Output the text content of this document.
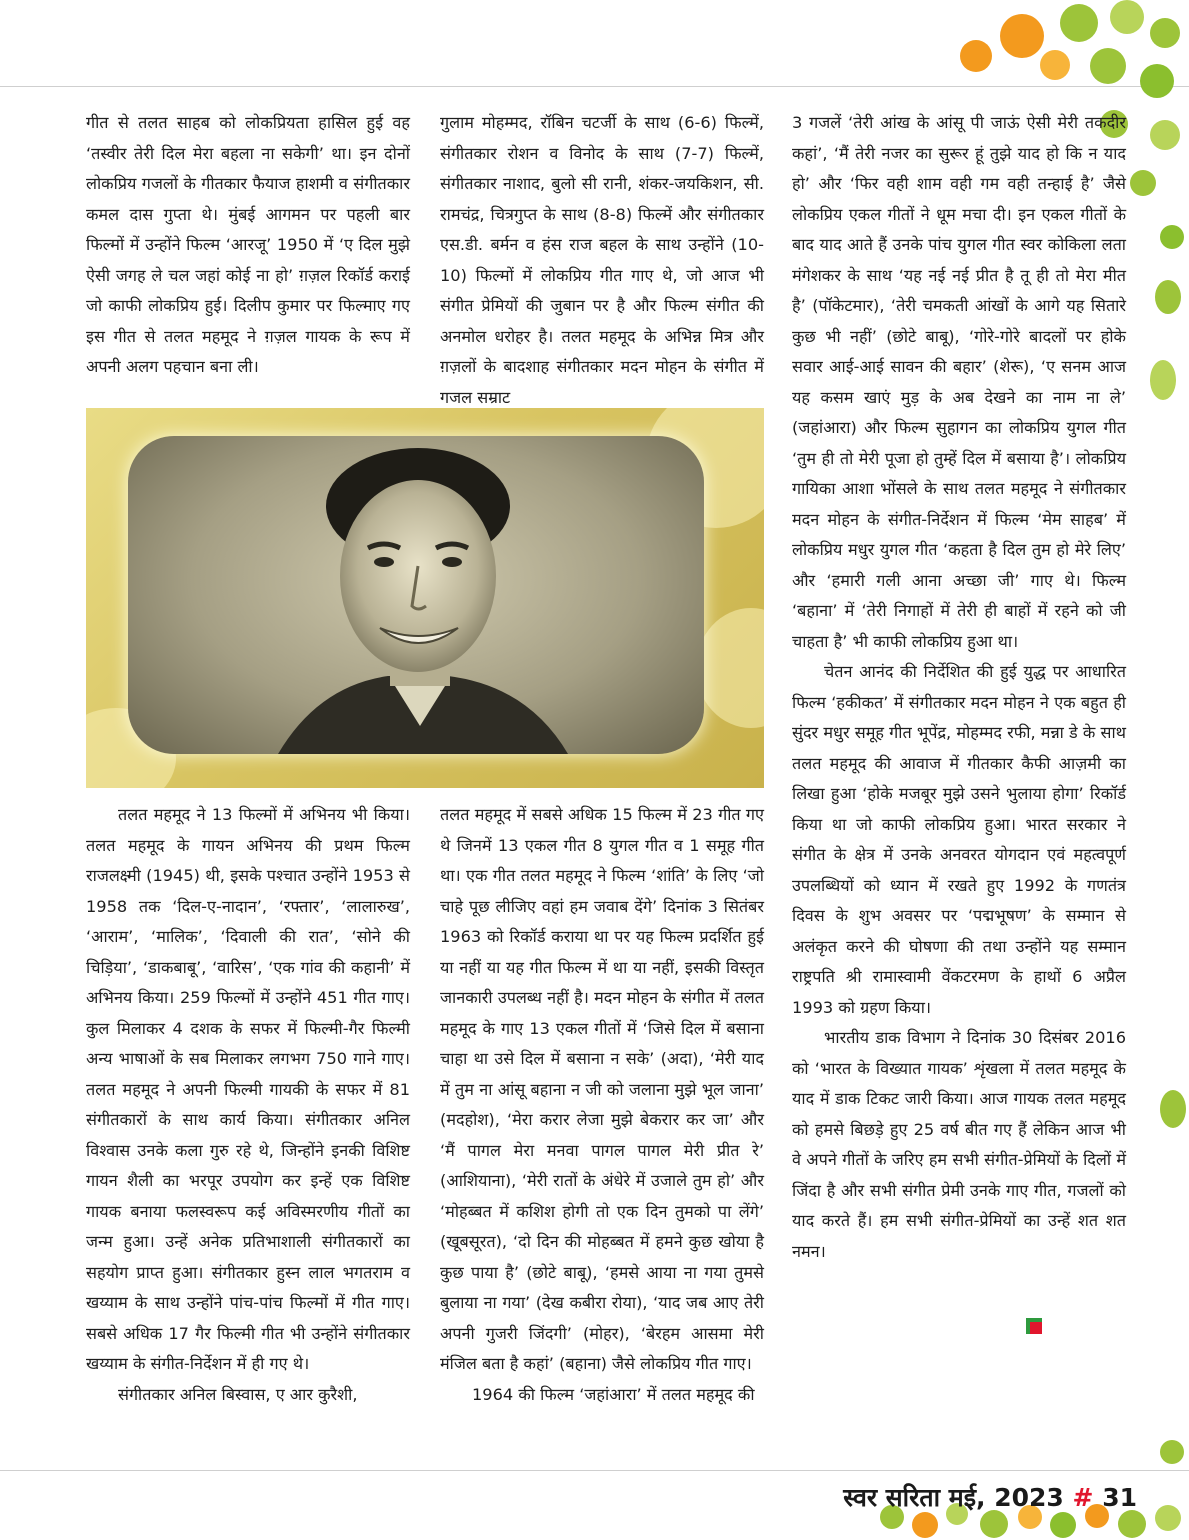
गीत से तलत साहब को लोकप्रियता हासिल हुई वह ‘तस्वीर तेरी दिल मेरा बहला ना सकेगी’ था। इन दोनों लोकप्रिय गजलों के गीतकार फैयाज हाशमी व संगीतकार कमल दास गुप्ता थे। मुंबई आगमन पर पहली बार फिल्मों में उन्होंने फिल्म ‘आरजू’ 1950 में ‘ए दिल मुझे ऐसी जगह ले चल जहां कोई ना हो’ ग़ज़ल रिकॉर्ड कराई जो काफी लोकप्रिय हुई। दिलीप कुमार पर फिल्माए गए इस गीत से तलत महमूद ने ग़ज़ल गायक के रूप में अपनी अलग पहचान बना ली।

गुलाम मोहम्मद, रॉबिन चटर्जी के साथ (6-6) फिल्में, संगीतकार रोशन व विनोद के साथ (7-7) फिल्में, संगीतकार नाशाद, बुलो सी रानी, शंकर-जयकिशन, सी. रामचंद्र, चित्रगुप्त के साथ (8-8) फिल्में और संगीतकार एस.डी. बर्मन व हंस राज बहल के साथ उन्होंने (10-10) फिल्मों में लोकप्रिय गीत गाए थे, जो आज भी संगीत प्रेमियों की जुबान पर है और फिल्म संगीत की अनमोल धरोहर है। तलत महमूद के अभिन्न मित्र और ग़ज़लों के बादशाह संगीतकार मदन मोहन के संगीत में गजल सम्राट

तलत महमूद ने 13 फिल्मों में अभिनय भी किया। तलत महमूद के गायन अभिनय की प्रथम फिल्म राजलक्ष्मी (1945) थी, इसके पश्चात उन्होंने 1953 से 1958 तक ‘दिल-ए-नादान’, ‘रफ्तार’, ‘लालारुख’, ‘आराम’, ‘मालिक’, ‘दिवाली की रात’, ‘सोने की चिड़िया’, ‘डाकबाबू’, ‘वारिस’, ‘एक गांव की कहानी’ में अभिनय किया। 259 फिल्मों में उन्होंने 451 गीत गाए। कुल मिलाकर 4 दशक के सफर में फिल्मी-गैर फिल्मी अन्य भाषाओं के सब मिलाकर लगभग 750 गाने गाए। तलत महमूद ने अपनी फिल्मी गायकी के सफर में 81 संगीतकारों के साथ कार्य किया। संगीतकार अनिल विश्वास उनके कला गुरु रहे थे, जिन्होंने इनकी विशिष्ट गायन शैली का भरपूर उपयोग कर इन्हें एक विशिष्ट गायक बनाया फलस्वरूप कई अविस्मरणीय गीतों का जन्म हुआ। उन्हें अनेक प्रतिभाशाली संगीतकारों का सहयोग प्राप्त हुआ। संगीतकार हुस्न लाल भगतराम व खय्याम के साथ उन्होंने पांच-पांच फिल्मों में गीत गाए। सबसे अधिक 17 गैर फिल्मी गीत भी उन्होंने संगीतकार खय्याम के संगीत-निर्देशन में ही गए थे।

संगीतकार अनिल बिस्वास, ए आर कुरैशी,

तलत महमूद में सबसे अधिक 15 फिल्म में 23 गीत गए थे जिनमें 13 एकल गीत 8 युगल गीत व 1 समूह गीत था। एक गीत तलत महमूद ने फिल्म ‘शांति’ के लिए ‘जो चाहे पूछ लीजिए वहां हम जवाब देंगे’ दिनांक 3 सितंबर 1963 को रिकॉर्ड कराया था पर यह फिल्म प्रदर्शित हुई या नहीं या यह गीत फिल्म में था या नहीं, इसकी विस्तृत जानकारी उपलब्ध नहीं है। मदन मोहन के संगीत में तलत महमूद के गाए 13 एकल गीतों में ‘जिसे दिल में बसाना चाहा था उसे दिल में बसाना न सके’ (अदा), ‘मेरी याद में तुम ना आंसू बहाना न जी को जलाना मुझे भूल जाना’ (मदहोश), ‘मेरा करार लेजा मुझे बेकरार कर जा’ और ‘मैं पागल मेरा मनवा पागल पागल मेरी प्रीत रे’ (आशियाना), ‘मेरी रातों के अंधेरे में उजाले तुम हो’ और ‘मोहब्बत में कशिश होगी तो एक दिन तुमको पा लेंगे’ (खूबसूरत), ‘दो दिन की मोहब्बत में हमने कुछ खोया है कुछ पाया है’ (छोटे बाबू), ‘हमसे आया ना गया तुमसे बुलाया ना गया’ (देख कबीरा रोया), ‘याद जब आए तेरी अपनी गुजरी जिंदगी’ (मोहर), ‘बेरहम आसमा मेरी मंजिल बता है कहां’ (बहाना) जैसे लोकप्रिय गीत गाए।

1964 की फिल्म ‘जहांआरा’ में तलत महमूद की

3 गजलें ‘तेरी आंख के आंसू पी जाऊं ऐसी मेरी तकदीर कहां’, ‘मैं तेरी नजर का सुरूर हूं तुझे याद हो कि न याद हो’ और ‘फिर वही शाम वही गम वही तन्हाई है’ जैसे लोकप्रिय एकल गीतों ने धूम मचा दी। इन एकल गीतों के बाद याद आते हैं उनके पांच युगल गीत स्वर कोकिला लता मंगेशकर के साथ ‘यह नई नई प्रीत है तू ही तो मेरा मीत है’ (पॉकेटमार), ‘तेरी चमकती आंखों के आगे यह सितारे कुछ भी नहीं’ (छोटे बाबू), ‘गोरे-गोरे बादलों पर होके सवार आई-आई सावन की बहार’ (शेरू), ‘ए सनम आज यह कसम खाएं मुड़ के अब देखने का नाम ना ले’ (जहांआरा) और फिल्म सुहागन का लोकप्रिय युगल गीत ‘तुम ही तो मेरी पूजा हो तुम्हें दिल में बसाया है’। लोकप्रिय गायिका आशा भोंसले के साथ तलत महमूद ने संगीतकार मदन मोहन के संगीत-निर्देशन में फिल्म ‘मेम साहब’ में लोकप्रिय मधुर युगल गीत ‘कहता है दिल तुम हो मेरे लिए’ और ‘हमारी गली आना अच्छा जी’ गाए थे। फिल्म ‘बहाना’ में ‘तेरी निगाहों में तेरी ही बाहों में रहने को जी चाहता है’ भी काफी लोकप्रिय हुआ था।

चेतन आनंद की निर्देशित की हुई युद्ध पर आधारित फिल्म ‘हकीकत’ में संगीतकार मदन मोहन ने एक बहुत ही सुंदर मधुर समूह गीत भूपेंद्र, मोहम्मद रफी, मन्ना डे के साथ तलत महमूद की आवाज में गीतकार कैफी आज़मी का लिखा हुआ ‘होके मजबूर मुझे उसने भुलाया होगा’ रिकॉर्ड किया था जो काफी लोकप्रिय हुआ। भारत सरकार ने संगीत के क्षेत्र में उनके अनवरत योगदान एवं महत्वपूर्ण उपलब्धियों को ध्यान में रखते हुए 1992 के गणतंत्र दिवस के शुभ अवसर पर ‘पद्मभूषण’ के सम्मान से अलंकृत करने की घोषणा की तथा उन्होंने यह सम्मान राष्ट्रपति श्री रामास्वामी वेंकटरमण के हाथों 6 अप्रैल 1993 को ग्रहण किया।

भारतीय डाक विभाग ने दिनांक 30 दिसंबर 2016 को ‘भारत के विख्यात गायक’ शृंखला में तलत महमूद के याद में डाक टिकट जारी किया। आज गायक तलत महमूद को हमसे बिछड़े हुए 25 वर्ष बीत गए हैं लेकिन आज भी वे अपने गीतों के जरिए हम सभी संगीत-प्रेमियों के दिलों में जिंदा है और सभी संगीत प्रेमी उनके गाए गीत, गजलों को याद करते हैं। हम सभी संगीत-प्रेमियों का उन्हें शत शत नमन।

स्वर सरिता मई, 2023 # 31
